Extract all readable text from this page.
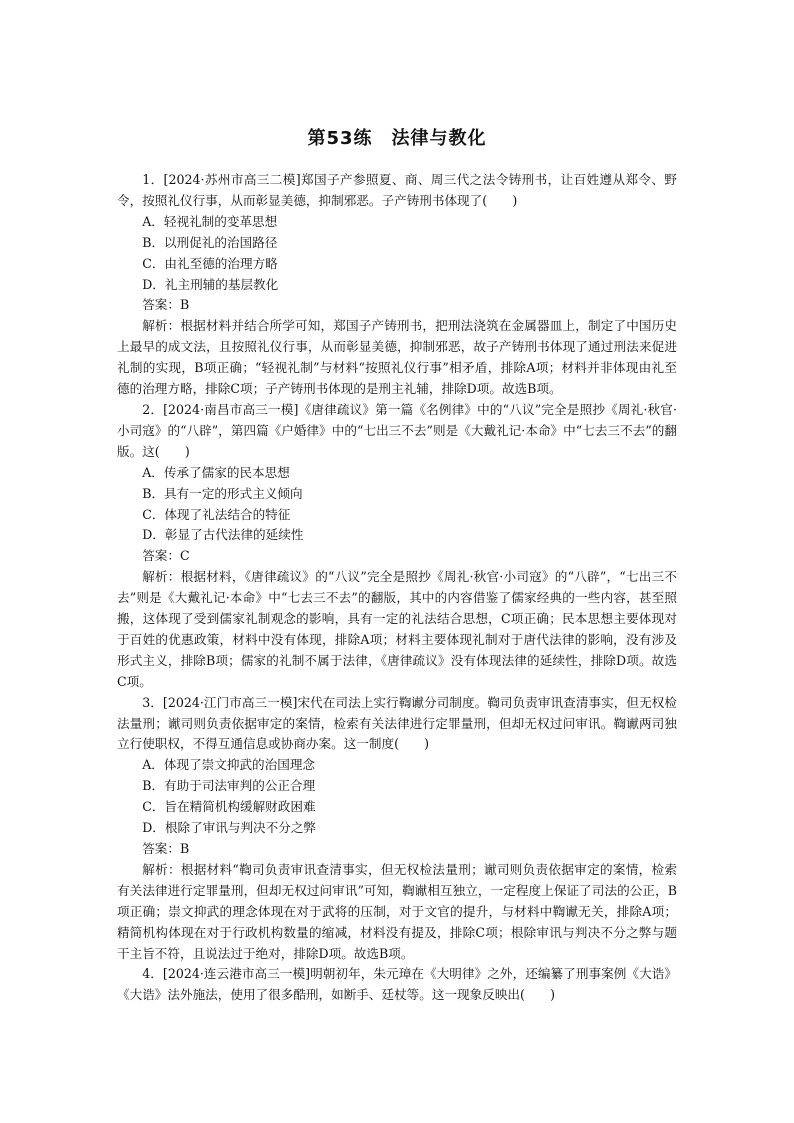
第53练　法律与教化

1．[2024·苏州市高三二模]郑国子产参照夏、商、周三代之法令铸刑书，让百姓遵从郑令、野令，按照礼仪行事，从而彰显美德，抑制邪恶。子产铸刑书体现了(　　)

A．轻视礼制的变革思想

B．以刑促礼的治国路径

C．由礼至德的治理方略

D．礼主刑辅的基层教化

答案：B

解析：根据材料并结合所学可知，郑国子产铸刑书，把刑法浇筑在金属器皿上，制定了中国历史上最早的成文法，且按照礼仪行事，从而彰显美德，抑制邪恶，故子产铸刑书体现了通过刑法来促进礼制的实现，B项正确；“轻视礼制”与材料“按照礼仪行事”相矛盾，排除A项；材料并非体现由礼至德的治理方略，排除C项；子产铸刑书体现的是刑主礼辅，排除D项。故选B项。

2．[2024·南昌市高三一模]《唐律疏议》第一篇《名例律》中的“八议”完全是照抄《周礼·秋官·小司寇》的“八辟”，第四篇《户婚律》中的“七出三不去”则是《大戴礼记·本命》中“七去三不去”的翻版。这(　　)

A．传承了儒家的民本思想

B．具有一定的形式主义倾向

C．体现了礼法结合的特征

D．彰显了古代法律的延续性

答案：C

解析：根据材料，《唐律疏议》的“八议”完全是照抄《周礼·秋官·小司寇》的“八辟”，“七出三不去”则是《大戴礼记·本命》中“七去三不去”的翻版，其中的内容借鉴了儒家经典的一些内容，甚至照搬，这体现了受到儒家礼制观念的影响，具有一定的礼法结合思想，C项正确；民本思想主要体现对于百姓的优惠政策，材料中没有体现，排除A项；材料主要体现礼制对于唐代法律的影响，没有涉及形式主义，排除B项；儒家的礼制不属于法律，《唐律疏议》没有体现法律的延续性，排除D项。故选C项。

3．[2024·江门市高三一模]宋代在司法上实行鞫谳分司制度。鞫司负责审讯查清事实，但无权检法量刑；谳司则负责依据审定的案情，检索有关法律进行定罪量刑，但却无权过问审讯。鞫谳两司独立行使职权，不得互通信息或协商办案。这一制度(　　)

A．体现了崇文抑武的治国理念

B．有助于司法审判的公正合理

C．旨在精简机构缓解财政困难

D．根除了审讯与判决不分之弊

答案：B

解析：根据材料“鞫司负责审讯查清事实，但无权检法量刑；谳司则负责依据审定的案情，检索有关法律进行定罪量刑，但却无权过问审讯”可知，鞫谳相互独立，一定程度上保证了司法的公正，B项正确；崇文抑武的理念体现在对于武将的压制，对于文官的提升，与材料中鞫谳无关，排除A项；精简机构体现在对于行政机构数量的缩减，材料没有提及，排除C项；根除审讯与判决不分之弊与题干主旨不符，且说法过于绝对，排除D项。故选B项。

4．[2024·连云港市高三一模]明朝初年，朱元璋在《大明律》之外，还编纂了刑事案例《大诰》《大诰》法外施法，使用了很多酷刑，如断手、廷杖等。这一现象反映出(　　)
